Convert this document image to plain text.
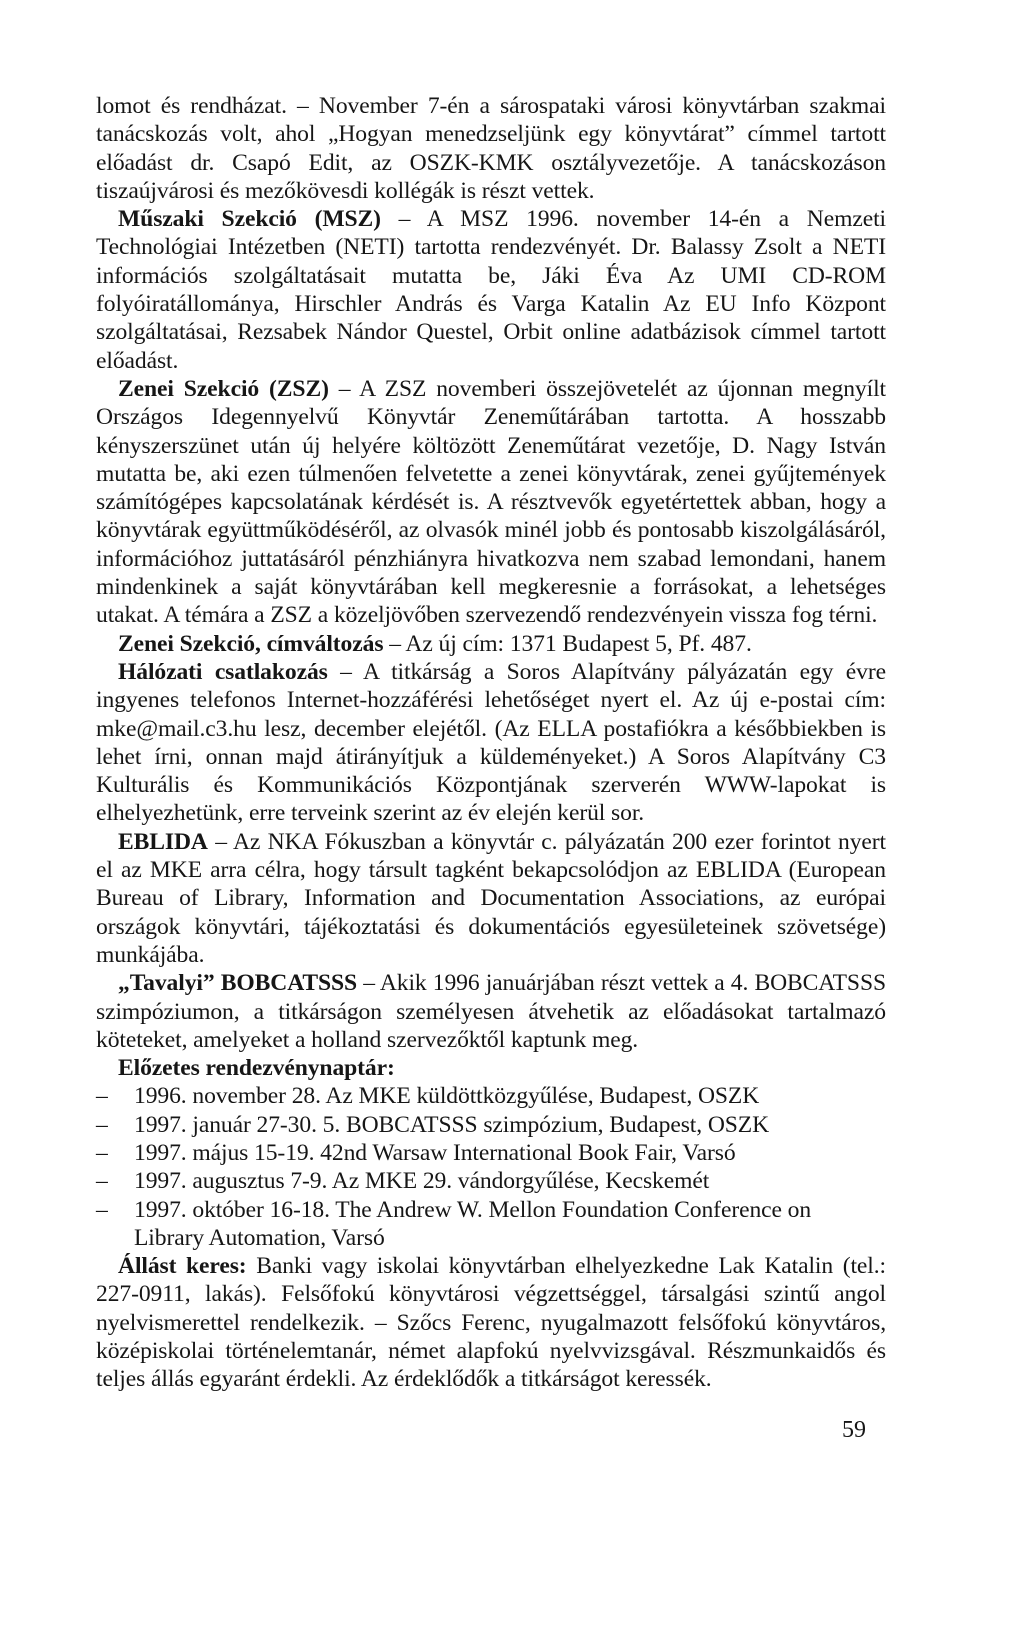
lomot és rendházat. – November 7-én a sárospataki városi könyvtárban szakmai tanácskozás volt, ahol „Hogyan menedzseljünk egy könyvtárat” címmel tartott előadást dr. Csapó Edit, az OSZK-KMK osztályvezetője. A tanácskozáson tiszaújvárosi és mezőkövesdi kollégák is részt vettek.

Műszaki Szekció (MSZ) – A MSZ 1996. november 14-én a Nemzeti Technológiai Intézetben (NETI) tartotta rendezvényét. Dr. Balassy Zsolt a NETI információs szolgáltatásait mutatta be, Jáki Éva Az UMI CD-ROM folyóiratállománya, Hirschler András és Varga Katalin Az EU Info Központ szolgáltatásai, Rezsabek Nándor Questel, Orbit online adatbázisok címmel tartott előadást.

Zenei Szekció (ZSZ) – A ZSZ novemberi összejövetelét az újonnan megnyílt Országos Idegennyelvű Könyvtár Zeneműtárában tartotta. A hosszabb kényszerszünet után új helyére költözött Zeneműtárat vezetője, D. Nagy István mutatta be, aki ezen túlmenően felvetette a zenei könyvtárak, zenei gyűjtemények számítógépes kapcsolatának kérdését is. A résztvevők egyetértettek abban, hogy a könyvtárak együttműködéséről, az olvasók minél jobb és pontosabb kiszolgálásáról, információhoz juttatásáról pénzhiányra hivatkozva nem szabad lemondani, hanem mindenkinek a saját könyvtárában kell megkeresnie a forrásokat, a lehetséges utakat. A témára a ZSZ a közeljövőben szervezendő rendezvényein vissza fog térni.

Zenei Szekció, címváltozás – Az új cím: 1371 Budapest 5, Pf. 487.

Hálózati csatlakozás – A titkárság a Soros Alapítvány pályázatán egy évre ingyenes telefonos Internet-hozzáférési lehetőséget nyert el. Az új e-postai cím: mke@mail.c3.hu lesz, december elejétől. (Az ELLA postafiókra a későbbiekben is lehet írni, onnan majd átirányítjuk a küldeményeket.) A Soros Alapítvány C3 Kulturális és Kommunikációs Központjának szerverén WWW-lapokat is elhelyezhetünk, erre terveink szerint az év elején kerül sor.

EBLIDA – Az NKA Fókuszban a könyvtár c. pályázatán 200 ezer forintot nyert el az MKE arra célra, hogy társult tagként bekapcsolódjon az EBLIDA (European Bureau of Library, Information and Documentation Associations, az európai országok könyvtári, tájékoztatási és dokumentációs egyesületeinek szövetsége) munkájába.

„Tavalyi” BOBCATSSS – Akik 1996 januárjában részt vettek a 4. BOBCATSSS szimpóziumon, a titkárságon személyesen átvehetik az előadásokat tartalmazó köteteket, amelyeket a holland szervezőktől kaptunk meg.

Előzetes rendezvénynaptár:

–	1996. november 28. Az MKE küldöttközgyűlése, Budapest, OSZK
–	1997. január 27-30. 5. BOBCATSSS szimpózium, Budapest, OSZK
–	1997. május 15-19. 42nd Warsaw International Book Fair, Varsó
–	1997. augusztus 7-9. Az MKE 29. vándorgyűlése, Kecskemét
–	1997. október 16-18. The Andrew W. Mellon Foundation Conference on Library Automation, Varsó

Állást keres: Banki vagy iskolai könyvtárban elhelyezkedne Lak Katalin (tel.: 227-0911, lakás). Felsőfokú könyvtárosi végzettséggel, társalgási szintű angol nyelvismerettel rendelkezik. – Szőcs Ferenc, nyugalmazott felsőfokú könyvtáros, középiskolai történelemtanár, német alapfokú nyelvvizsgával. Részmunkaidős és teljes állás egyaránt érdekli. Az érdeklődők a titkárságot keressék.

59
